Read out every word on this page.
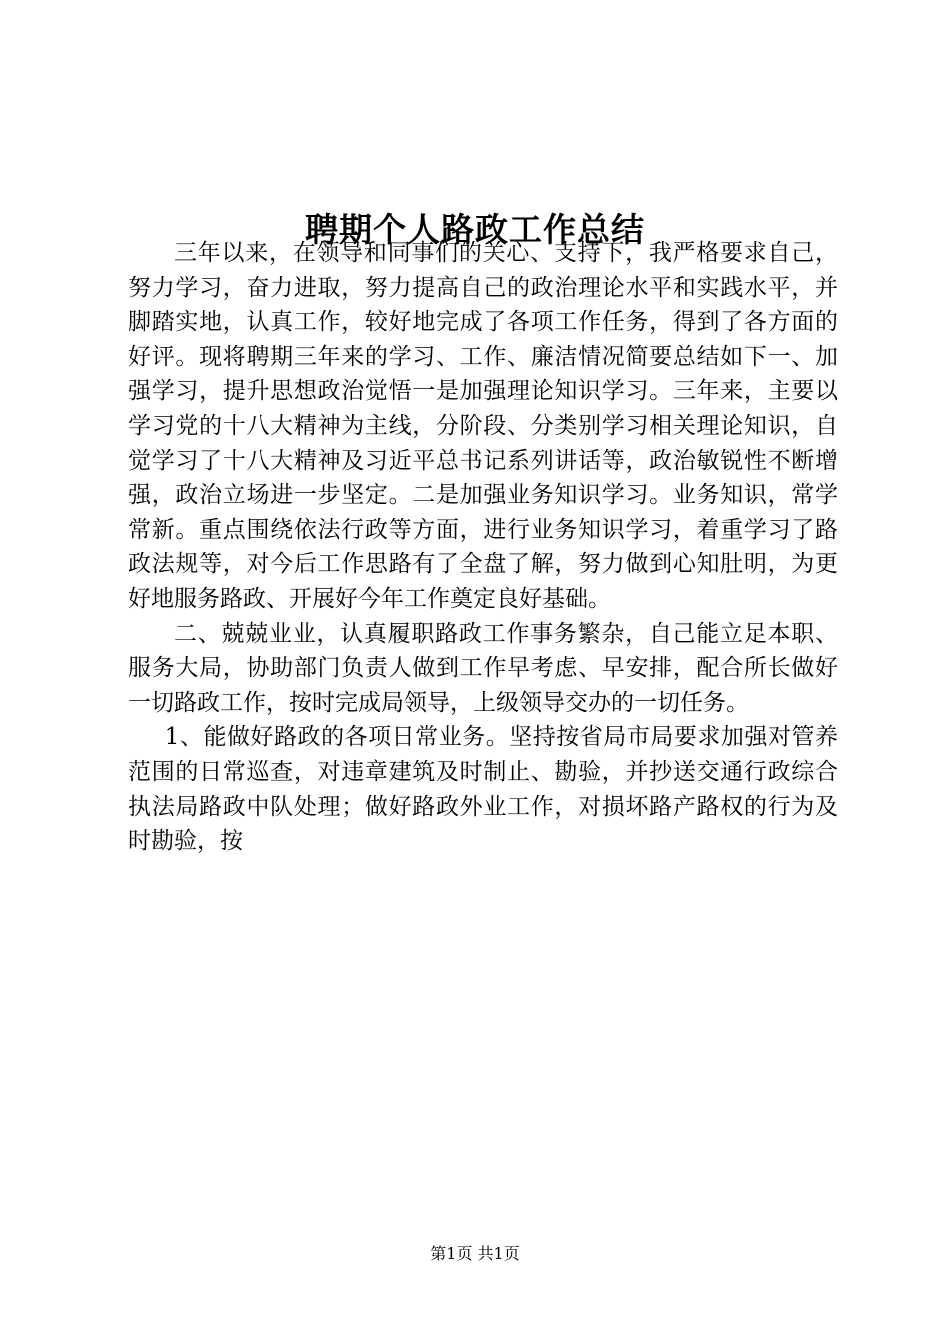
聘期个人路政工作总结

三年以来，在领导和同事们的关心、支持下，我严格要求自己，努力学习，奋力进取，努力提高自己的政治理论水平和实践水平，并脚踏实地，认真工作，较好地完成了各项工作任务，得到了各方面的好评。现将聘期三年来的学习、工作、廉洁情况简要总结如下一、加强学习，提升思想政治觉悟一是加强理论知识学习。三年来，主要以学习党的十八大精神为主线，分阶段、分类别学习相关理论知识，自觉学习了十八大精神及习近平总书记系列讲话等，政治敏锐性不断增强，政治立场进一步坚定。二是加强业务知识学习。业务知识，常学常新。重点围绕依法行政等方面，进行业务知识学习，着重学习了路政法规等，对今后工作思路有了全盘了解，努力做到心知肚明，为更好地服务路政、开展好今年工作奠定良好基础。

二、兢兢业业，认真履职路政工作事务繁杂，自己能立足本职、服务大局，协助部门负责人做到工作早考虑、早安排，配合所长做好一切路政工作，按时完成局领导，上级领导交办的一切任务。

1、能做好路政的各项日常业务。坚持按省局市局要求加强对管养范围的日常巡查，对违章建筑及时制止、勘验，并抄送交通行政综合执法局路政中队处理；做好路政外业工作，对损坏路产路权的行为及时勘验，按

第1页 共1页
